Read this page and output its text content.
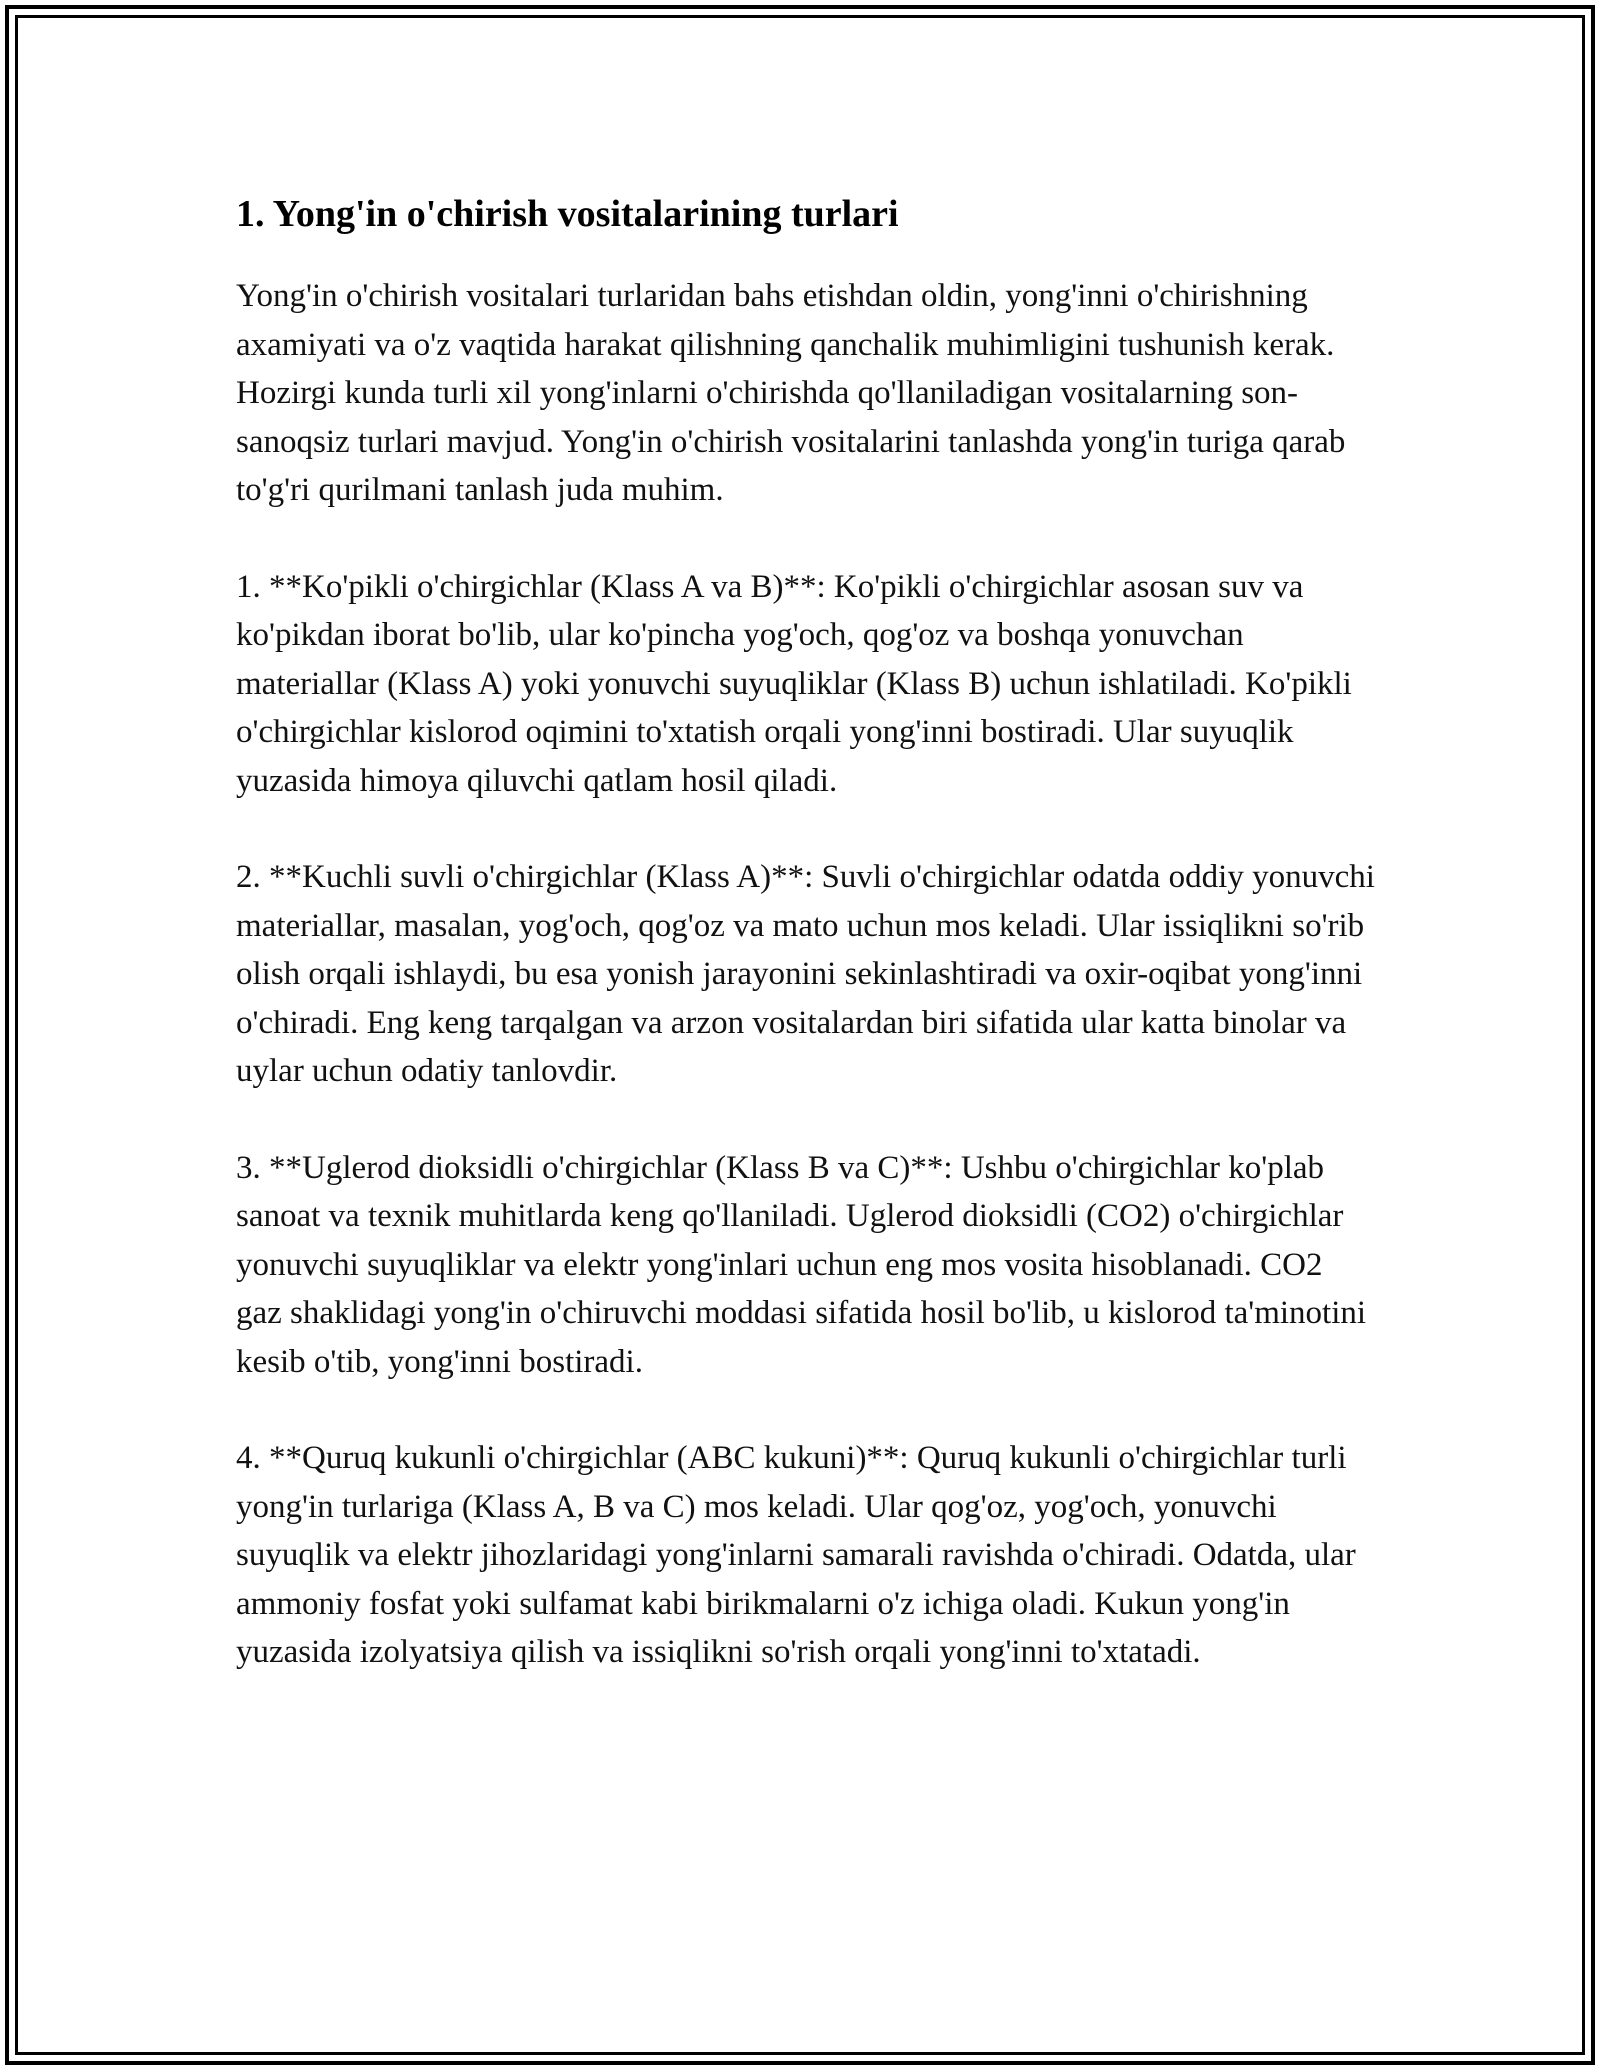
1. Yong'in o'chirish vositalarining turlari

Yong'in o'chirish vositalari turlaridan bahs etishdan oldin, yong'inni o'chirishning axamiyati va o'z vaqtida harakat qilishning qanchalik muhimligini tushunish kerak. Hozirgi kunda turli xil yong'inlarni o'chirishda qo'llaniladigan vositalarning son-sanoqsiz turlari mavjud. Yong'in o'chirish vositalarini tanlashda yong'in turiga qarab to'g'ri qurilmani tanlash juda muhim.

1. **Ko'pikli o'chirgichlar (Klass A va B)**: Ko'pikli o'chirgichlar asosan suv va ko'pikdan iborat bo'lib, ular ko'pincha yog'och, qog'oz va boshqa yonuvchan materiallar (Klass A) yoki yonuvchi suyuqliklar (Klass B) uchun ishlatiladi. Ko'pikli o'chirgichlar kislorod oqimini to'xtatish orqali yong'inni bostiradi. Ular suyuqlik yuzasida himoya qiluvchi qatlam hosil qiladi.

2. **Kuchli suvli o'chirgichlar (Klass A)**: Suvli o'chirgichlar odatda oddiy yonuvchi materiallar, masalan, yog'och, qog'oz va mato uchun mos keladi. Ular issiqlikni so'rib olish orqali ishlaydi, bu esa yonish jarayonini sekinlashtiradi va oxir-oqibat yong'inni o'chiradi. Eng keng tarqalgan va arzon vositalardan biri sifatida ular katta binolar va uylar uchun odatiy tanlovdir.

3. **Uglerod dioksidli o'chirgichlar (Klass B va C)**: Ushbu o'chirgichlar ko'plab sanoat va texnik muhitlarda keng qo'llaniladi. Uglerod dioksidli (CO2) o'chirgichlar yonuvchi suyuqliklar va elektr yong'inlari uchun eng mos vosita hisoblanadi. CO2 gaz shaklidagi yong'in o'chiruvchi moddasi sifatida hosil bo'lib, u kislorod ta'minotini kesib o'tib, yong'inni bostiradi.

4. **Quruq kukunli o'chirgichlar (ABC kukuni)**: Quruq kukunli o'chirgichlar turli yong'in turlariga (Klass A, B va C) mos keladi. Ular qog'oz, yog'och, yonuvchi suyuqlik va elektr jihozlaridagi yong'inlarni samarali ravishda o'chiradi. Odatda, ular ammoniy fosfat yoki sulfamat kabi birikmalarni o'z ichiga oladi. Kukun yong'in yuzasida izolyatsiya qilish va issiqlikni so'rish orqali yong'inni to'xtatadi.
